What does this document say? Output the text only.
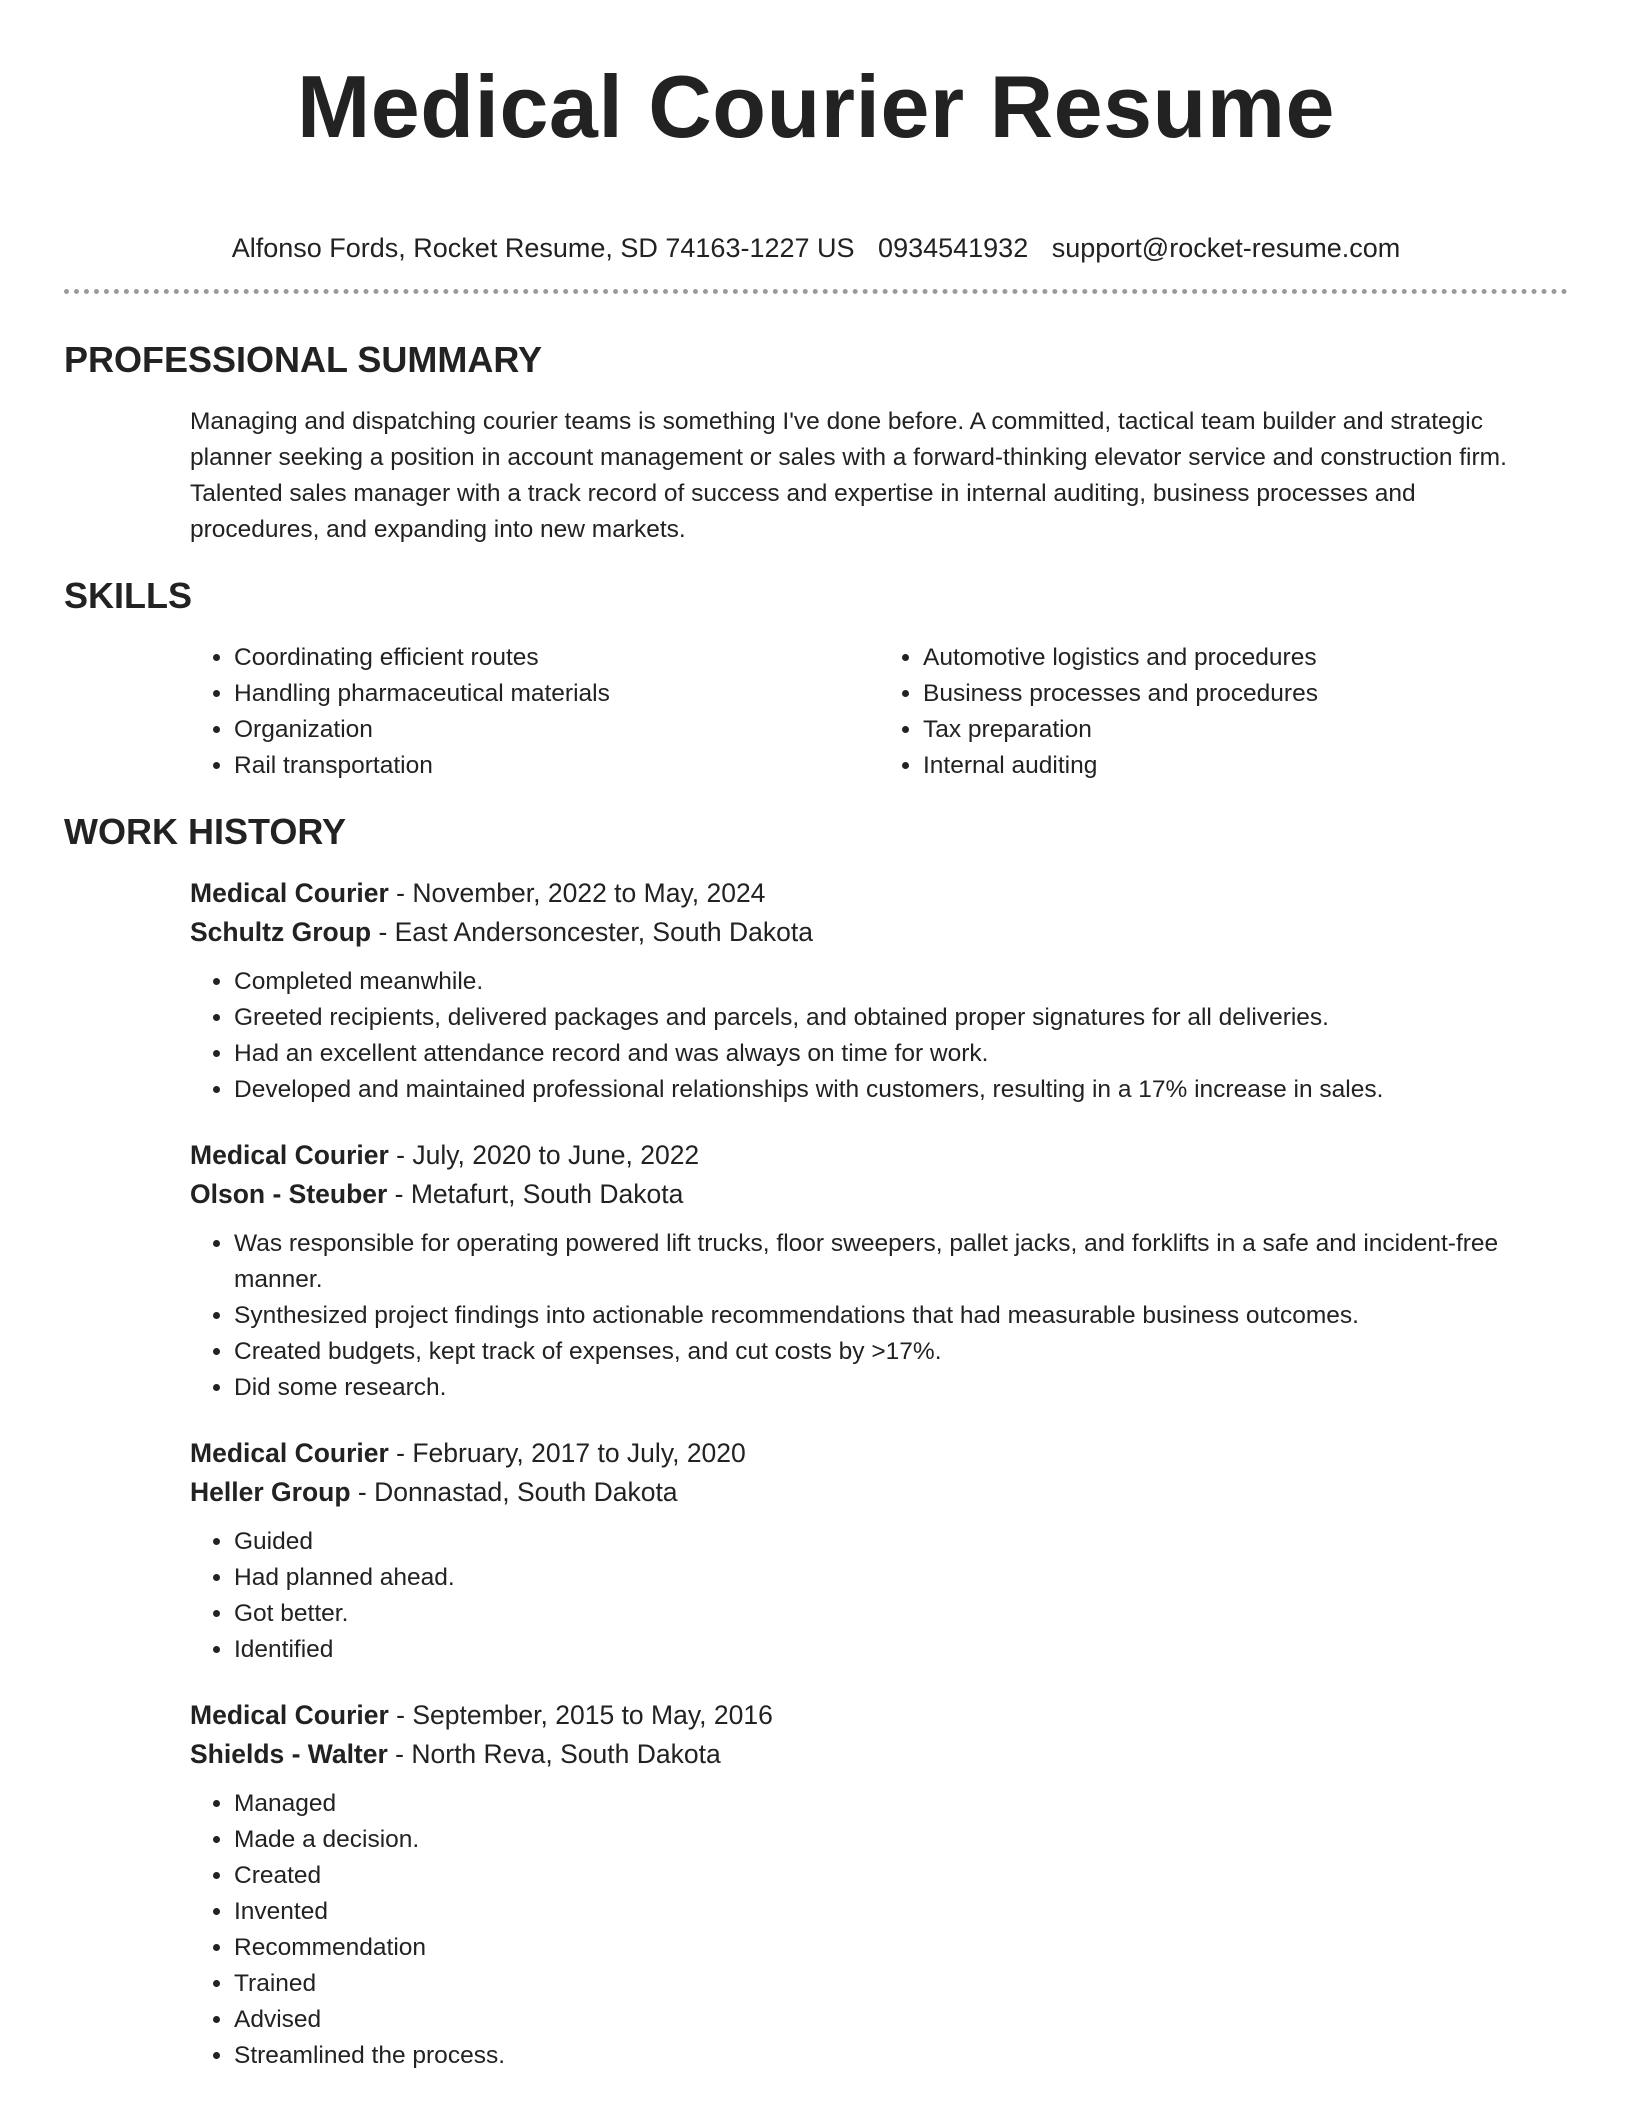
Medical Courier Resume
Alfonso Fords, Rocket Resume, SD 74163-1227 US 0934541932 support@rocket-resume.com
PROFESSIONAL SUMMARY
Managing and dispatching courier teams is something I've done before. A committed, tactical team builder and strategic planner seeking a position in account management or sales with a forward-thinking elevator service and construction firm. Talented sales manager with a track record of success and expertise in internal auditing, business processes and procedures, and expanding into new markets.
SKILLS
• Coordinating efficient routes
• Handling pharmaceutical materials
• Organization
• Rail transportation
• Automotive logistics and procedures
• Business processes and procedures
• Tax preparation
• Internal auditing
WORK HISTORY
Medical Courier - November, 2022 to May, 2024
Schultz Group - East Andersoncester, South Dakota
• Completed meanwhile.
• Greeted recipients, delivered packages and parcels, and obtained proper signatures for all deliveries.
• Had an excellent attendance record and was always on time for work.
• Developed and maintained professional relationships with customers, resulting in a 17% increase in sales.
Medical Courier - July, 2020 to June, 2022
Olson - Steuber - Metafurt, South Dakota
• Was responsible for operating powered lift trucks, floor sweepers, pallet jacks, and forklifts in a safe and incident-free manner.
• Synthesized project findings into actionable recommendations that had measurable business outcomes.
• Created budgets, kept track of expenses, and cut costs by >17%.
• Did some research.
Medical Courier - February, 2017 to July, 2020
Heller Group - Donnastad, South Dakota
• Guided
• Had planned ahead.
• Got better.
• Identified
Medical Courier - September, 2015 to May, 2016
Shields - Walter - North Reva, South Dakota
• Managed
• Made a decision.
• Created
• Invented
• Recommendation
• Trained
• Advised
• Streamlined the process.
